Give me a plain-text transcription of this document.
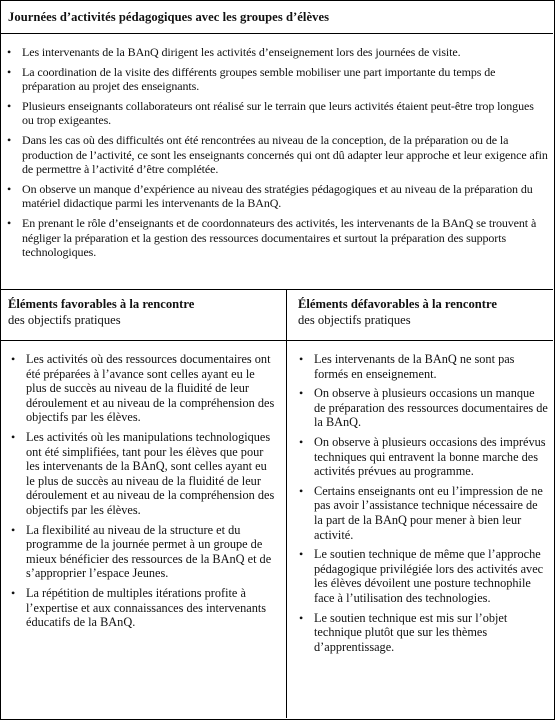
Journées d’activités pédagogiques avec les groupes d’élèves
• Les intervenants de la BAnQ dirigent les activités d’enseignement lors des journées de visite.
• La coordination de la visite des différents groupes semble mobiliser une part importante du temps de préparation au projet des enseignants.
• Plusieurs enseignants collaborateurs ont réalisé sur le terrain que leurs activités étaient peut-être trop longues ou trop exigeantes.
• Dans les cas où des difficultés ont été rencontrées au niveau de la conception, de la préparation ou de la production de l’activité, ce sont les enseignants concernés qui ont dû adapter leur approche et leur exigence afin de permettre à l’activité d’être complétée.
• On observe un manque d’expérience au niveau des stratégies pédagogiques et au niveau de la préparation du matériel didactique parmi les intervenants de la BAnQ.
• En prenant le rôle d’enseignants et de coordonnateurs des activités, les intervenants de la BAnQ se trouvent à négliger la préparation et la gestion des ressources documentaires et surtout la préparation des supports technologiques.
Éléments favorables à la rencontre
des objectifs pratiques
Éléments défavorables à la rencontre
des objectifs pratiques
• Les activités où des ressources documentaires ont été préparées à l’avance sont celles ayant eu le plus de succès au niveau de la fluidité de leur déroulement et au niveau de la compréhension des objectifs par les élèves.
• Les activités où les manipulations technologiques ont été simplifiées, tant pour les élèves que pour les intervenants de la BAnQ, sont celles ayant eu le plus de succès au niveau de la fluidité de leur déroulement et au niveau de la compréhension des objectifs par les élèves.
• La flexibilité au niveau de la structure et du programme de la journée permet à un groupe de mieux bénéficier des ressources de la BAnQ et de s’approprier l’espace Jeunes.
• La répétition de multiples itérations profite à l’expertise et aux connaissances des intervenants éducatifs de la BAnQ.
• Les intervenants de la BAnQ ne sont pas formés en enseignement.
• On observe à plusieurs occasions un manque de préparation des ressources documentaires de la BAnQ.
• On observe à plusieurs occasions des imprévus techniques qui entravent la bonne marche des activités prévues au programme.
• Certains enseignants ont eu l’impression de ne pas avoir l’assistance technique nécessaire de la part de la BAnQ pour mener à bien leur activité.
• Le soutien technique de même que l’approche pédagogique privilégiée lors des activités avec les élèves dévoilent une posture technophile face à l’utilisation des technologies.
• Le soutien technique est mis sur l’objet technique plutôt que sur les thèmes d’apprentissage.
